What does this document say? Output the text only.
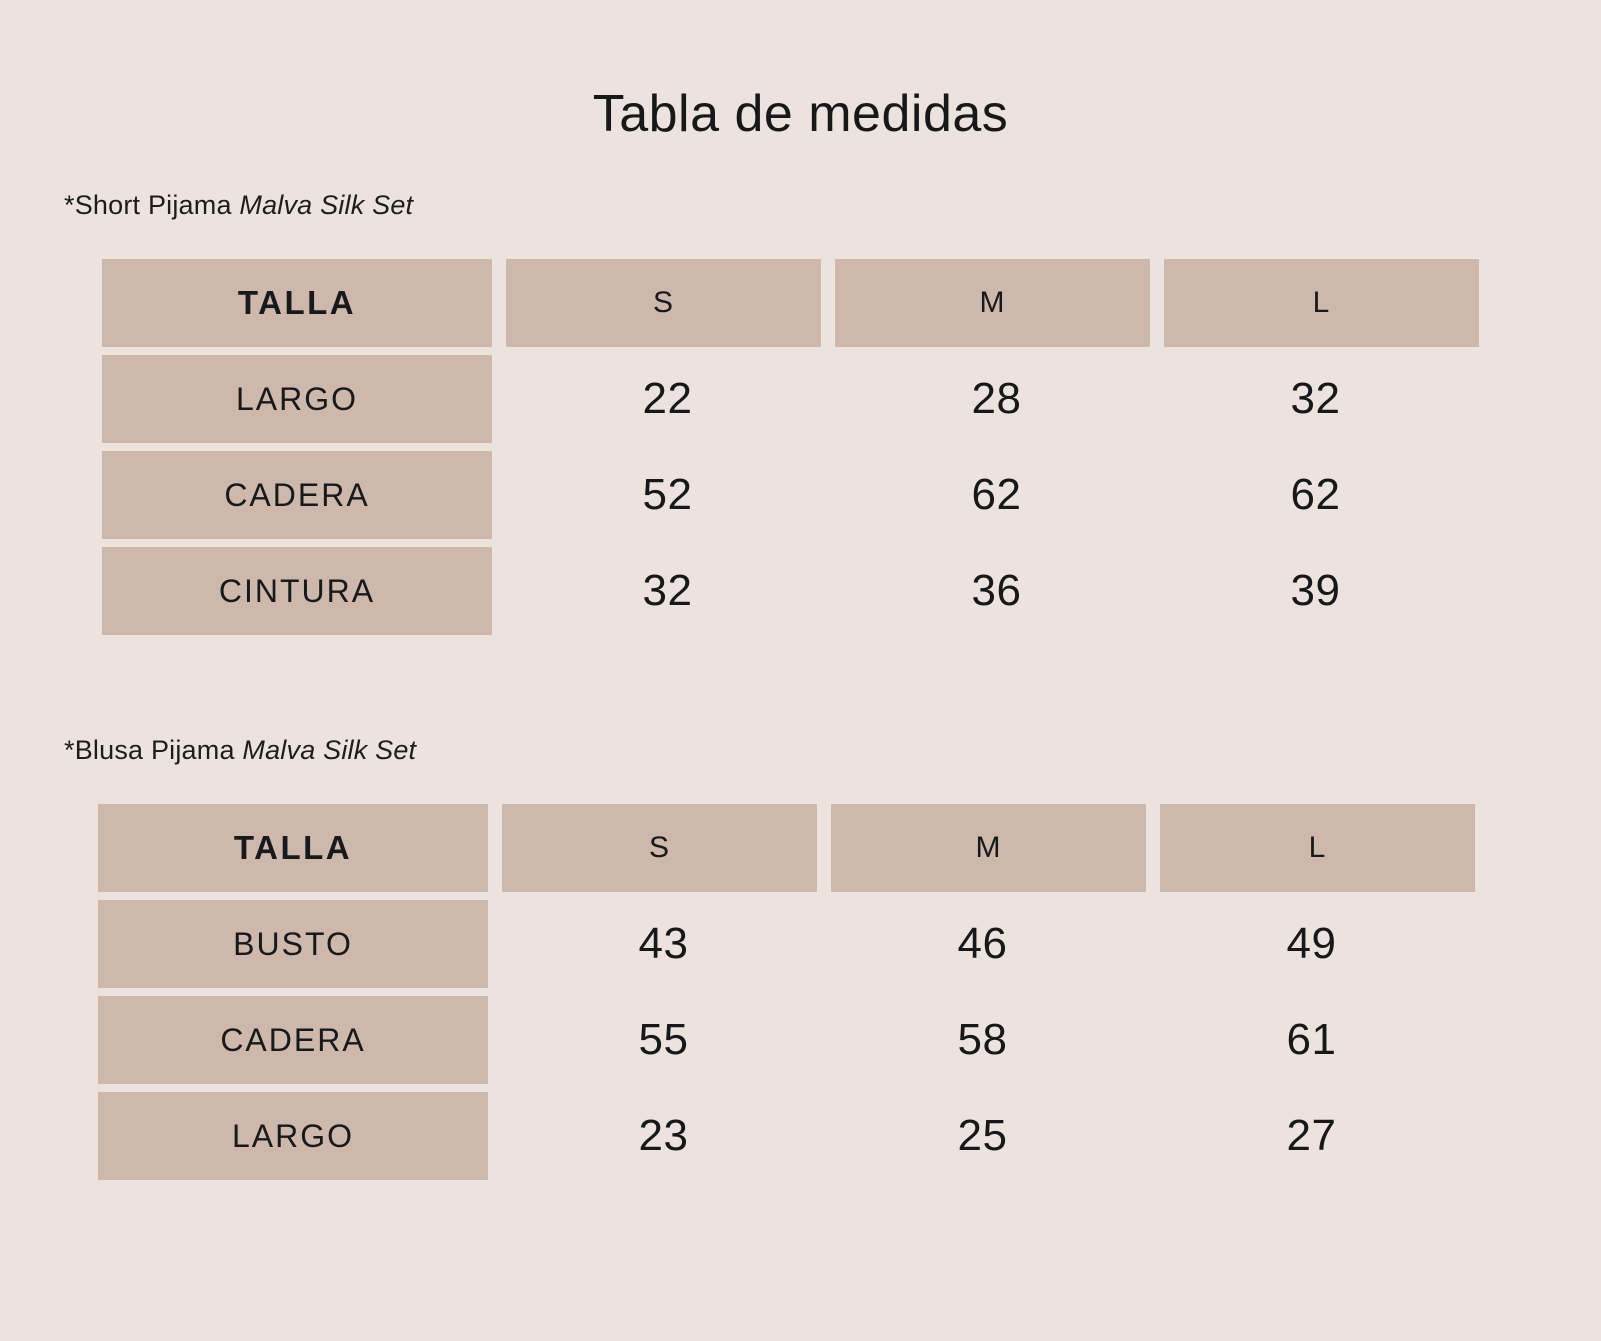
Tabla de medidas
*Short Pijama Malva Silk Set
TALLA	S	M	L

LARGO	22	28	32

CADERA	52	62	62

CINTURA	32	36	39
*Blusa Pijama Malva Silk Set
TALLA	S	M	L

BUSTO	43	46	49

CADERA	55	58	61

LARGO	23	25	27
